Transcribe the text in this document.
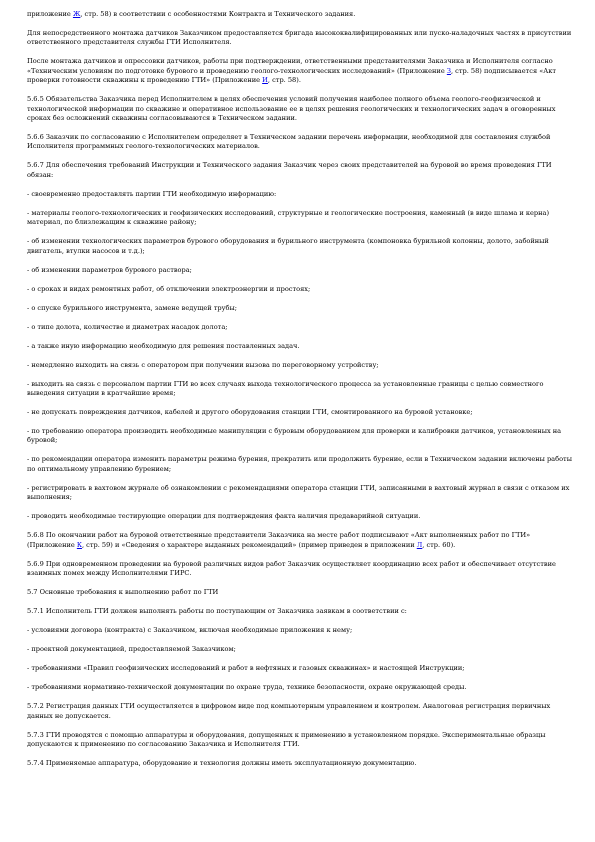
приложение Ж, стр. 58) в соответствии с особенностями Контракта и Технического задания.

Для непосредственного монтажа датчиков Заказчиком предоставляется бригада высококвалифицированных или пуско-наладочных частях в присутствии ответственного представителя службы ГТИ Исполнителя.

После монтажа датчиков и опрессовки датчиков, работы при подтверждении, ответственными представителями Заказчика и Исполнителя согласно «Техническим условиям по подготовке бурового и проведению геолого-технологических исследований» (Приложение З, стр. 58) подписывается «Акт проверки готовности скважины к проведению ГТИ» (Приложение И, стр. 58).

5.6.5 Обязательства Заказчика перед Исполнителем в целях обеспечения условий получения наиболее полного объема геолого-геофизической и технологической информации по скважине и оперативное использование ее в целях решения геологических и технологических задач в оговоренных сроках без осложнений скважины согласовываются в Техническом задании.

5.6.6 Заказчик по согласованию с Исполнителем определяет в Техническом задании перечень информации, необходимой для составления службой Исполнителя программных геолого-технологических материалов.

5.6.7 Для обеспечения требований Инструкции и Технического задания Заказчик через своих представителей на буровой во время проведения ГТИ обязан:

- своевременно предоставлять партии ГТИ необходимую информацию:

- материалы геолого-технологических и геофизических исследований, структурные и геологические построения, каменный (в виде шлама и керна) материал, по близлежащим к скважине району;

- об изменении технологических параметров бурового оборудования и бурильного инструмента (компоновка бурильной колонны, долото, забойный двигатель, втулки насосов и т.д.);

- об изменении параметров бурового раствора;

- о сроках и видах ремонтных работ, об отключении электроэнергии и простоях;

- о спуске бурильного инструмента, замене ведущей трубы;

- о типе долота, количестве и диаметрах насадок долота;

- а также иную информацию необходимую для решения поставленных задач.

- немедленно выходить на связь с оператором при получении вызова по переговорному устройству;

- выходить на связь с персоналом партии ГТИ во всех случаях выхода технологического процесса за установленные границы с целью совместного выведения ситуации в кратчайшие время;

- не допускать повреждения датчиков, кабелей и другого оборудования станции ГТИ, смонтированного на буровой установке;

- по требованию оператора производить необходимые манипуляции с буровым оборудованием для проверки и калибровки датчиков, установленных на буровой;

- по рекомендации оператора изменить параметры режима бурения, прекратить или продолжить бурение, если в Техническом задании включены работы по оптимальному управлению бурением;

- регистрировать в вахтовом журнале об ознакомлении с рекомендациями оператора станции ГТИ, записанными в вахтовый журнал в связи с отказом их выполнения;

- проводить необходимые тестирующие операции для подтверждения факта наличия предаварийной ситуации.

5.6.8 По окончании работ на буровой ответственные представители Заказчика на месте работ подписывают «Акт выполненных работ по ГТИ» (Приложение К, стр. 59) и «Сведения о характере выданных рекомендаций» (пример приведен в приложении Л, стр. 60).

5.6.9 При одновременном проведении на буровой различных видов работ Заказчик осуществляет координацию всех работ и обеспечивает отсутствие взаимных помех между Исполнителями ГИРС.

5.7 Основные требования к выполнению работ по ГТИ

5.7.1 Исполнитель ГТИ должен выполнять работы по поступающим от Заказчика заявкам в соответствии с:

- условиями договора (контракта) с Заказчиком, включая необходимые приложения к нему;

- проектной документацией, предоставляемой Заказчиком;

- требованиями «Правил геофизических исследований и работ в нефтяных и газовых скважинах» и настоящей Инструкции;

- требованиями нормативно-технической документации по охране труда, технике безопасности, охране окружающей среды.

5.7.2 Регистрация данных ГТИ осуществляется в цифровом виде под компьютерным управлением и контролем. Аналоговая регистрация первичных данных не допускается.

5.7.3 ГТИ проводятся с помощью аппаратуры и оборудования, допущенных к применению в установленном порядке. Экспериментальные образцы допускаются к применению по согласованию Заказчика и Исполнителя ГТИ.

5.7.4 Применяемые аппаратура, оборудование и технология должны иметь эксплуатационную документацию.
